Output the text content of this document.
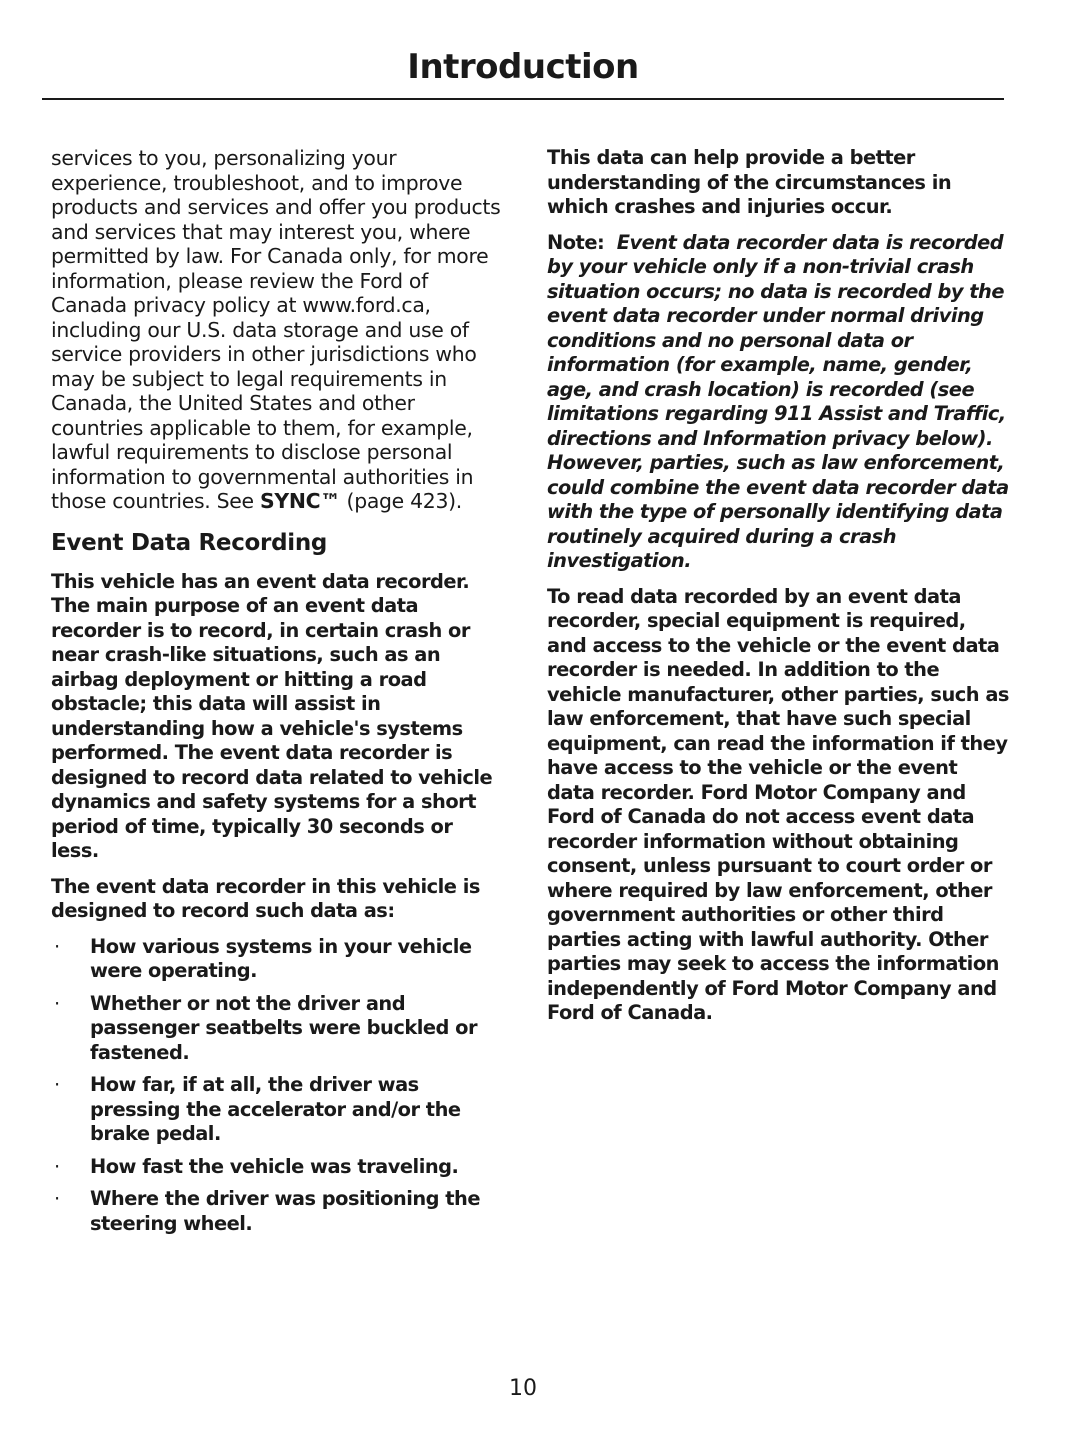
Introduction

services to you, personalizing your experience, troubleshoot, and to improve products and services and offer you products and services that may interest you, where permitted by law. For Canada only, for more information, please review the Ford of Canada privacy policy at www.ford.ca, including our U.S. data storage and use of service providers in other jurisdictions who may be subject to legal requirements in Canada, the United States and other countries applicable to them, for example, lawful requirements to disclose personal information to governmental authorities in those countries. See SYNC™ (page 423).

Event Data Recording

This vehicle has an event data recorder. The main purpose of an event data recorder is to record, in certain crash or near crash-like situations, such as an airbag deployment or hitting a road obstacle; this data will assist in understanding how a vehicle's systems performed. The event data recorder is designed to record data related to vehicle dynamics and safety systems for a short period of time, typically 30 seconds or less.

The event data recorder in this vehicle is designed to record such data as:

· How various systems in your vehicle were operating.
· Whether or not the driver and passenger seatbelts were buckled or fastened.
· How far, if at all, the driver was pressing the accelerator and/or the brake pedal.
· How fast the vehicle was traveling.
· Where the driver was positioning the steering wheel.

This data can help provide a better understanding of the circumstances in which crashes and injuries occur.

Note: Event data recorder data is recorded by your vehicle only if a non-trivial crash situation occurs; no data is recorded by the event data recorder under normal driving conditions and no personal data or information (for example, name, gender, age, and crash location) is recorded (see limitations regarding 911 Assist and Traffic, directions and Information privacy below). However, parties, such as law enforcement, could combine the event data recorder data with the type of personally identifying data routinely acquired during a crash investigation.

To read data recorded by an event data recorder, special equipment is required, and access to the vehicle or the event data recorder is needed. In addition to the vehicle manufacturer, other parties, such as law enforcement, that have such special equipment, can read the information if they have access to the vehicle or the event data recorder. Ford Motor Company and Ford of Canada do not access event data recorder information without obtaining consent, unless pursuant to court order or where required by law enforcement, other government authorities or other third parties acting with lawful authority. Other parties may seek to access the information independently of Ford Motor Company and Ford of Canada.

10
